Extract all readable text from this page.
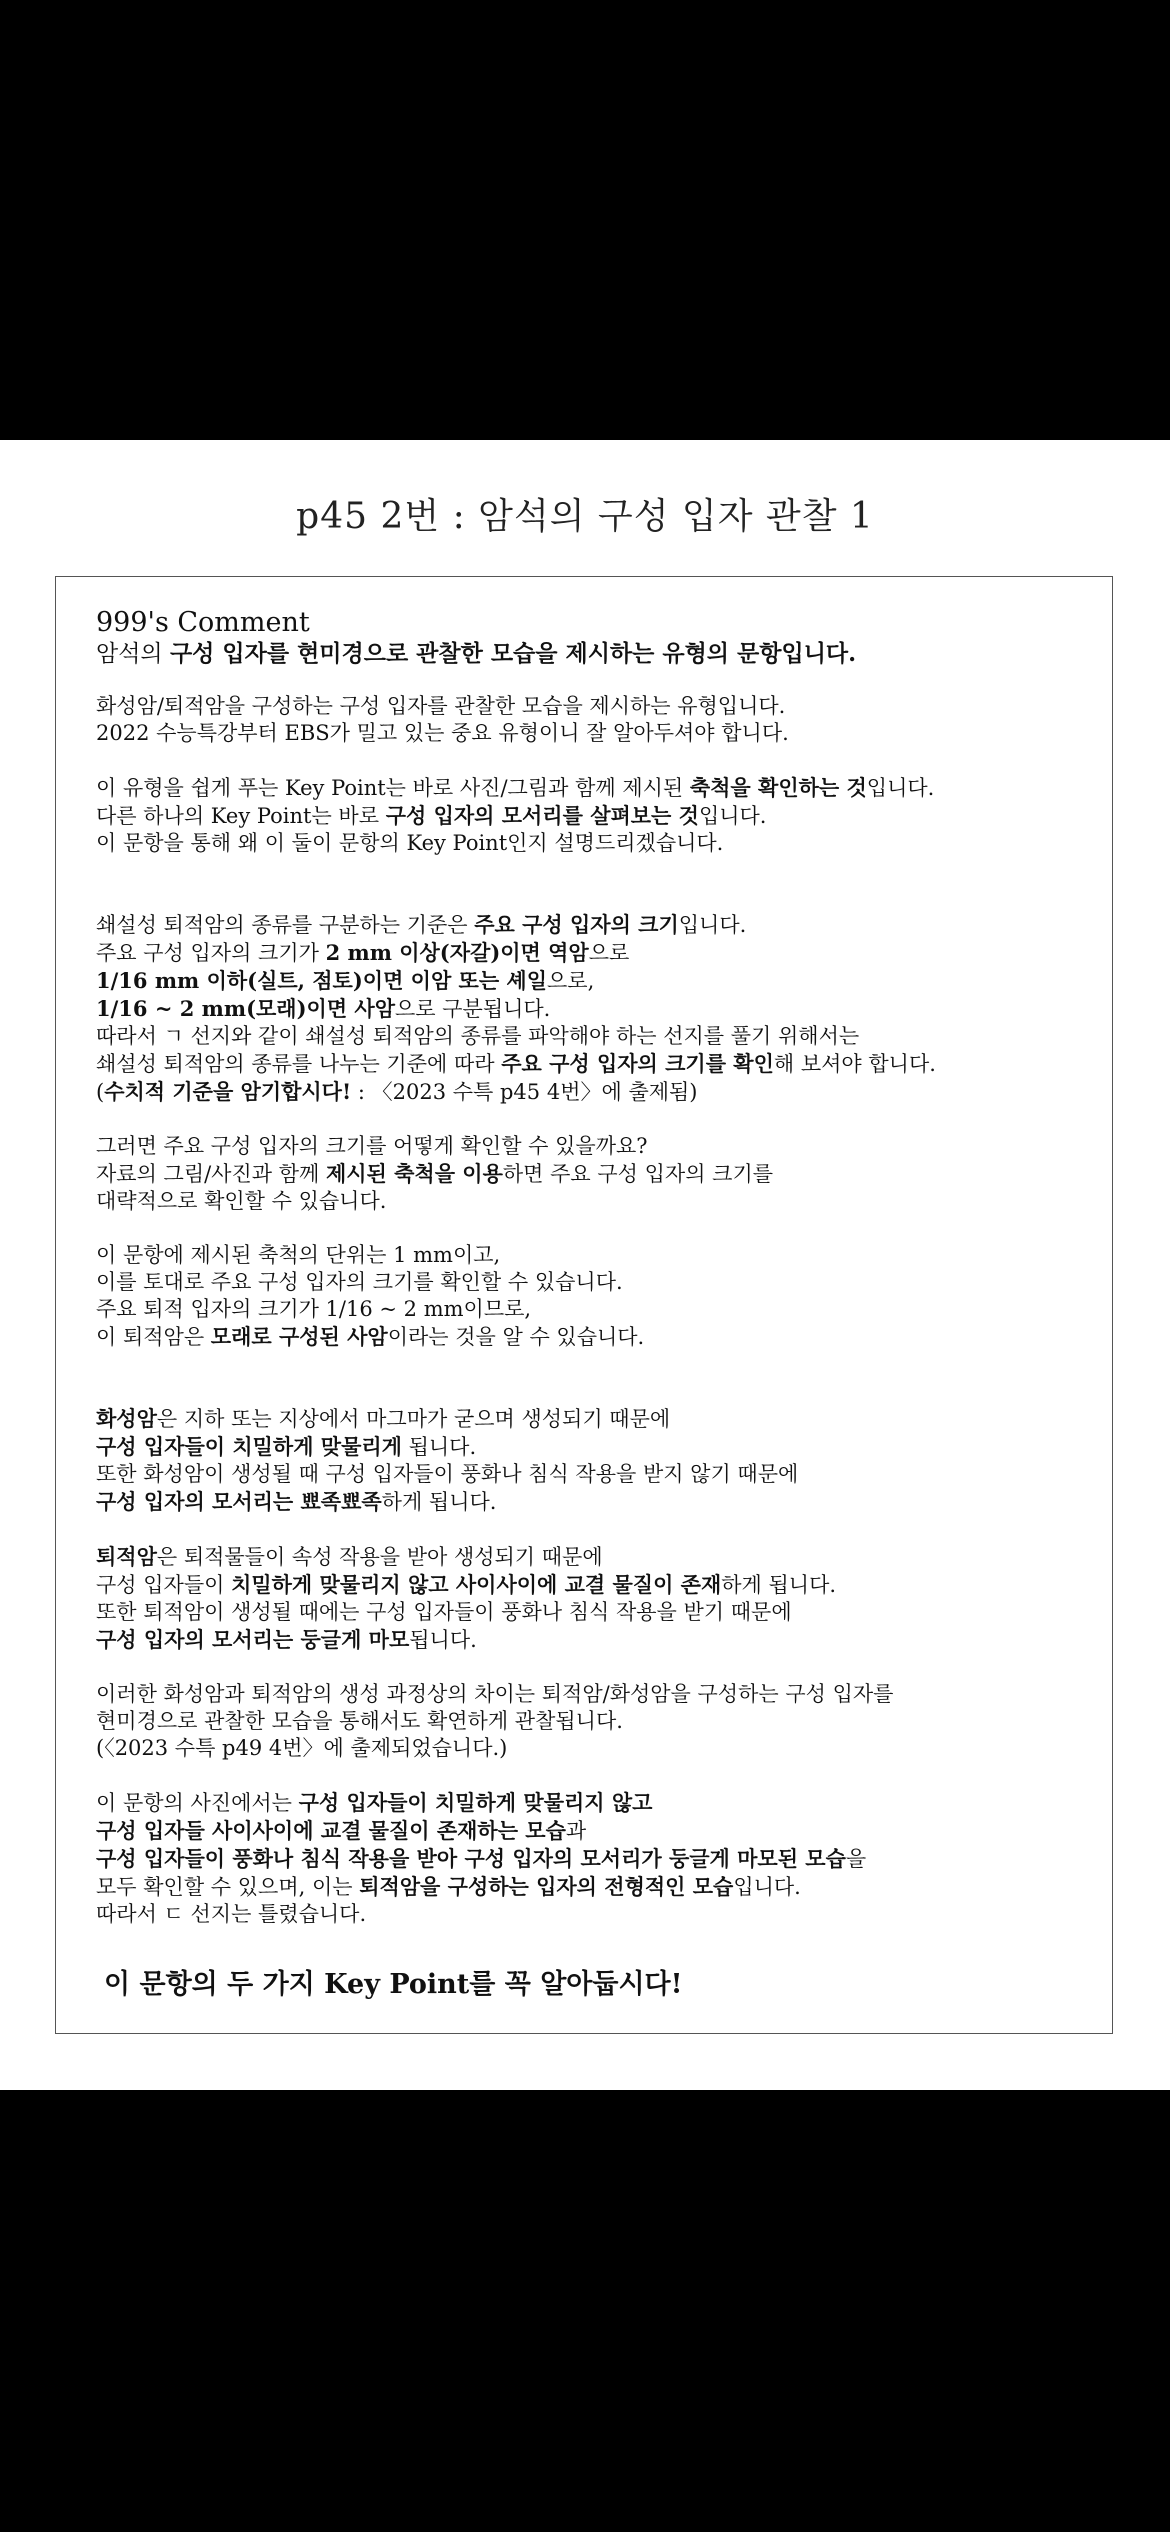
p45 2번 : 암석의 구성 입자 관찰 1

999's Comment

암석의 구성 입자를 현미경으로 관찰한 모습을 제시하는 유형의 문항입니다.

화성암/퇴적암을 구성하는 구성 입자를 관찰한 모습을 제시하는 유형입니다.

2022 수능특강부터 EBS가 밀고 있는 중요 유형이니 잘 알아두셔야 합니다.

이 유형을 쉽게 푸는 Key Point는 바로 사진/그림과 함께 제시된 축척을 확인하는 것입니다.

다른 하나의 Key Point는 바로 구성 입자의 모서리를 살펴보는 것입니다.

이 문항을 통해 왜 이 둘이 문항의 Key Point인지 설명드리겠습니다.

쇄설성 퇴적암의 종류를 구분하는 기준은 주요 구성 입자의 크기입니다.

주요 구성 입자의 크기가 2 mm 이상(자갈)이면 역암으로

1/16 mm 이하(실트, 점토)이면 이암 또는 셰일으로,

1/16 ~ 2 mm(모래)이면 사암으로 구분됩니다.

따라서 ㄱ 선지와 같이 쇄설성 퇴적암의 종류를 파악해야 하는 선지를 풀기 위해서는

쇄설성 퇴적암의 종류를 나누는 기준에 따라 주요 구성 입자의 크기를 확인해 보셔야 합니다.

(수치적 기준을 암기합시다! : 〈2023 수특 p45 4번〉에 출제됨)

그러면 주요 구성 입자의 크기를 어떻게 확인할 수 있을까요?

자료의 그림/사진과 함께 제시된 축척을 이용하면 주요 구성 입자의 크기를

대략적으로 확인할 수 있습니다.

이 문항에 제시된 축척의 단위는 1 mm이고,

이를 토대로 주요 구성 입자의 크기를 확인할 수 있습니다.

주요 퇴적 입자의 크기가 1/16 ~ 2 mm이므로,

이 퇴적암은 모래로 구성된 사암이라는 것을 알 수 있습니다.

화성암은 지하 또는 지상에서 마그마가 굳으며 생성되기 때문에

구성 입자들이 치밀하게 맞물리게 됩니다.

또한 화성암이 생성될 때 구성 입자들이 풍화나 침식 작용을 받지 않기 때문에

구성 입자의 모서리는 뾰족뾰족하게 됩니다.

퇴적암은 퇴적물들이 속성 작용을 받아 생성되기 때문에

구성 입자들이 치밀하게 맞물리지 않고 사이사이에 교결 물질이 존재하게 됩니다.

또한 퇴적암이 생성될 때에는 구성 입자들이 풍화나 침식 작용을 받기 때문에

구성 입자의 모서리는 둥글게 마모됩니다.

이러한 화성암과 퇴적암의 생성 과정상의 차이는 퇴적암/화성암을 구성하는 구성 입자를

현미경으로 관찰한 모습을 통해서도 확연하게 관찰됩니다.

(〈2023 수특 p49 4번〉에 출제되었습니다.)

이 문항의 사진에서는 구성 입자들이 치밀하게 맞물리지 않고

구성 입자들 사이사이에 교결 물질이 존재하는 모습과

구성 입자들이 풍화나 침식 작용을 받아 구성 입자의 모서리가 둥글게 마모된 모습을

모두 확인할 수 있으며, 이는 퇴적암을 구성하는 입자의 전형적인 모습입니다.

따라서 ㄷ 선지는 틀렸습니다.

이 문항의 두 가지 Key Point를 꼭 알아둡시다!
